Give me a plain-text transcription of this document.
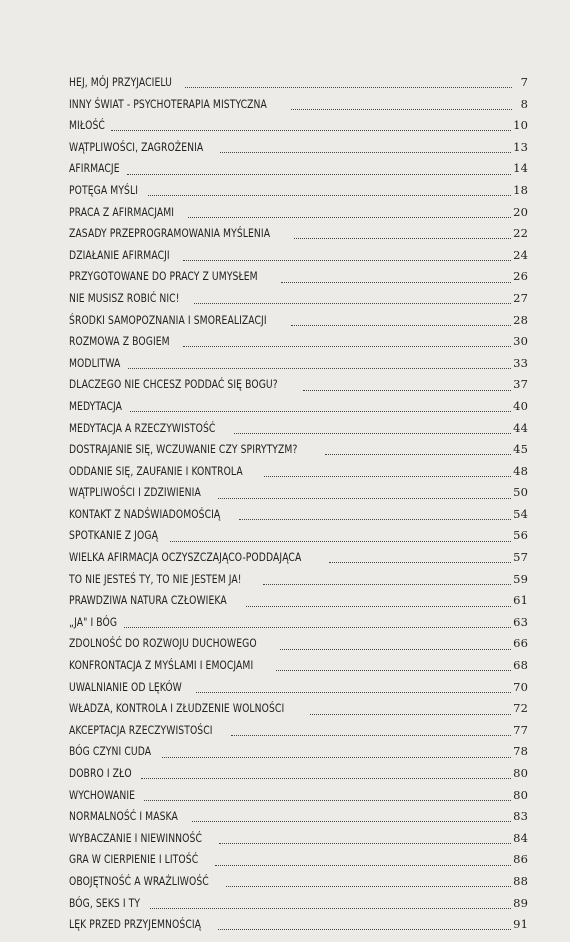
HEJ, MÓJ PRZYJACIELU	7
INNY ŚWIAT - PSYCHOTERAPIA MISTYCZNA	8
MIŁOŚĆ	10
WĄTPLIWOŚCI, ZAGROŻENIA	13
AFIRMACJE	14
POTĘGA MYŚLI	18
PRACA Z AFIRMACJAMI	20
ZASADY PRZEPROGRAMOWANIA MYŚLENIA	22
DZIAŁANIE AFIRMACJI	24
PRZYGOTOWANE DO PRACY Z UMYSŁEM	26
NIE MUSISZ ROBIĆ NIC!	27
ŚRODKI SAMOPOZNANIA I SMOREALIZACJI	28
ROZMOWA Z BOGIEM	30
MODLITWA	33
DLACZEGO NIE CHCESZ PODDAĆ SIĘ BOGU?	37
MEDYTACJA	40
MEDYTACJA A RZECZYWISTOŚĆ	44
DOSTRAJANIE SIĘ, WCZUWANIE CZY SPIRYTYZM?	45
ODDANIE SIĘ, ZAUFANIE I KONTROLA	48
WĄTPLIWOŚCI I ZDZIWIENIA	50
KONTAKT Z NADŚWIADOMOŚCIĄ	54
SPOTKANIE Z JOGĄ	56
WIELKA AFIRMACJA OCZYSZCZAJĄCO-PODDAJĄCA	57
TO NIE JESTEŚ TY, TO NIE JESTEM JA!	59
PRAWDZIWA NATURA CZŁOWIEKA	61
„JA" I BÓG	63
ZDOLNOŚĆ DO ROZWOJU DUCHOWEGO	66
KONFRONTACJA Z MYŚLAMI I EMOCJAMI	68
UWALNIANIE OD LĘKÓW	70
WŁADZA, KONTROLA I ZŁUDZENIE WOLNOŚCI	72
AKCEPTACJA RZECZYWISTOŚCI	77
BÓG CZYNI CUDA	78
DOBRO I ZŁO	80
WYCHOWANIE	80
NORMALNOŚĆ I MASKA	83
WYBACZANIE I NIEWINNOŚĆ	84
GRA W CIERPIENIE I LITOŚĆ	86
OBOJĘTNOŚĆ A WRAŻLIWOŚĆ	88
BÓG, SEKS I TY	89
LĘK PRZED PRZYJEMNOŚCIĄ	91
